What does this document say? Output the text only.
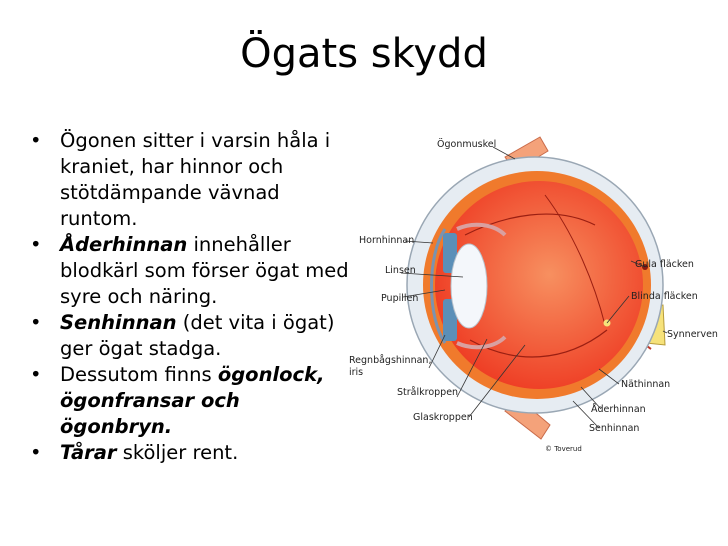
Ögats skydd
• Ögonen sitter i varsin håla i kraniet, har hinnor och stötdämpande vävnad runtom.
• Åderhinnan innehåller blodkärl som förser ögat med syre och näring.
• Senhinnan (det vita i ögat) ger ögat stadga.
• Dessutom finns ögonlock, ögonfransar och ögonbryn.
• Tårar sköljer rent.
Ögonmuskel
Hornhinnan
Linsen
Pupillen
Regnbågshinnan,
iris
Strålkroppen
Glaskroppen
Gula fläcken
Blinda fläcken
Synnerven
Näthinnan
Åderhinnan
Senhinnan
© Toverud
